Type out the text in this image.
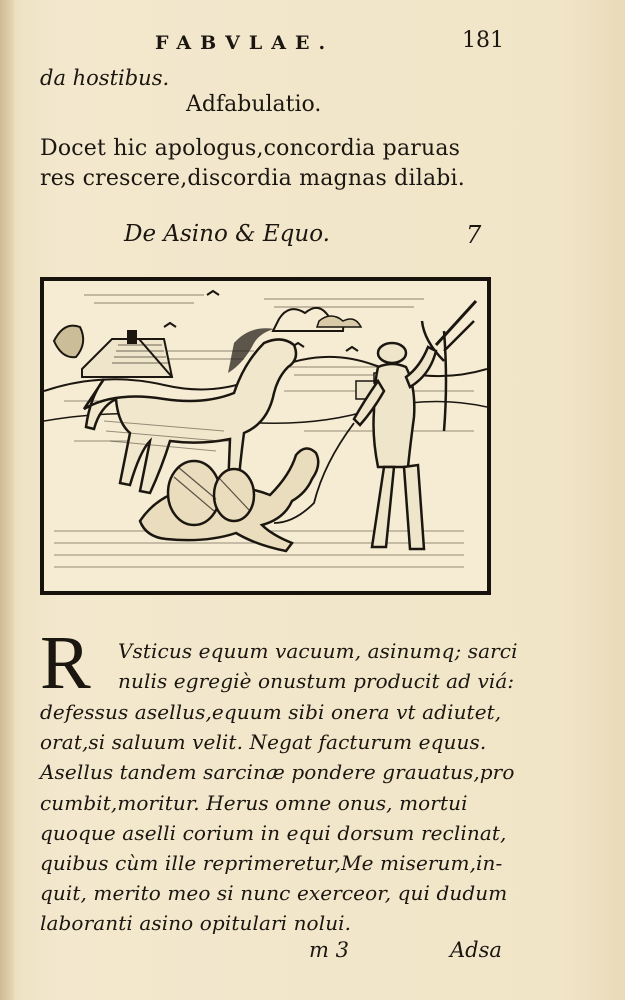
FABVLAE.	181
da hostibus.
Adfabulatio.
Docet hic apologus,concordia paruas
res crescere,discordia magnas dilabi.
De Asino & Equo.	7
R Vsticus equum vacuum, asinumq; sarci
nulis egregiè onustum producit ad viá:
defessus asellus,equum sibi onera vt adiutet,
orat,si saluum velit. Negat facturum equus.
Asellus tandem sarcinæ pondere grauatus,pro
cumbit,moritur. Herus omne onus, mortui
quoque aselli corium in equi dorsum reclinat,
quibus cùm ille reprimeretur,Me miserum,in-
quit, merito meo si nunc exerceor, qui dudum
laboranti asino opitulari nolui.
m 3	Adsa
